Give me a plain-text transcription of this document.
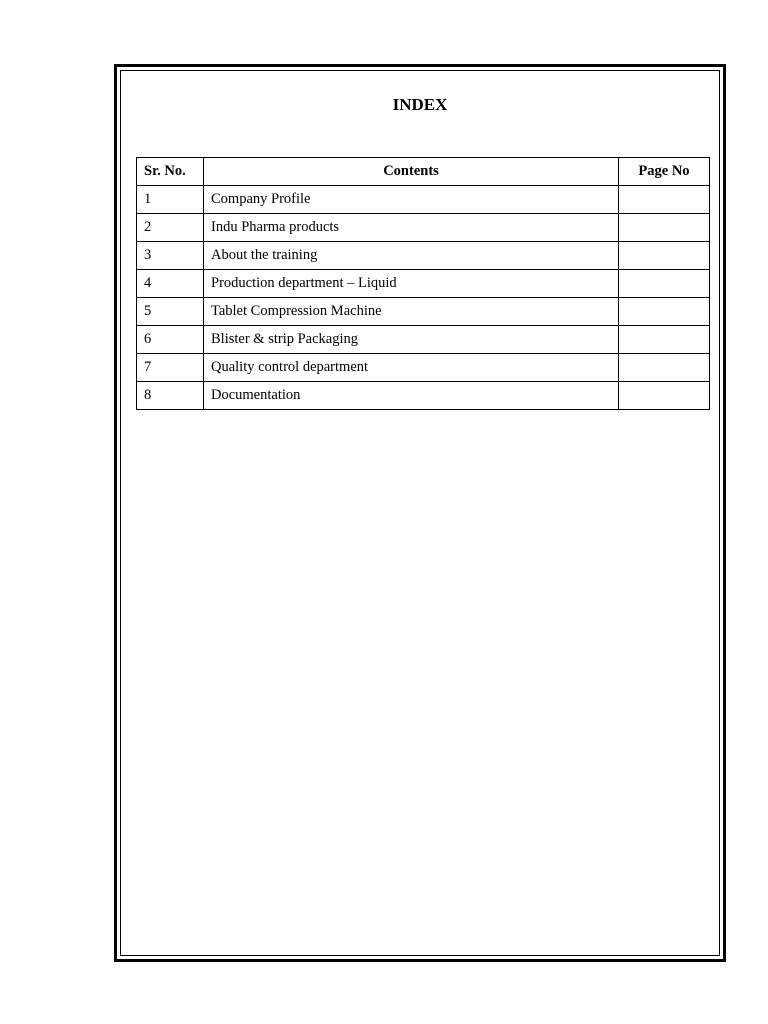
INDEX
Sr. No.	Contents	Page No
1	Company Profile	
2	Indu Pharma products	
3	About the training	
4	Production department – Liquid	
5	Tablet Compression Machine	
6	Blister & strip Packaging	
7	Quality control department	
8	Documentation	
